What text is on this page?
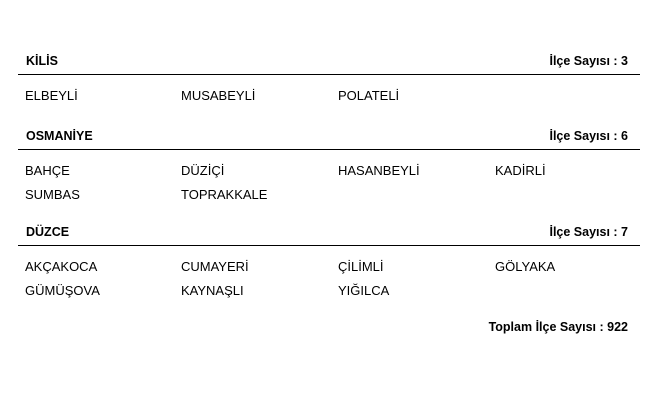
KİLİS	İlçe Sayısı : 3
ELBEYLİ	MUSABEYLİ	POLATELİ
OSMANİYE	İlçe Sayısı : 6
BAHÇE	DÜZİÇİ	HASANBEYLİ	KADİRLİ
SUMBAS	TOPRAKKALE
DÜZCE	İlçe Sayısı : 7
AKÇAKOCA	CUMAYERİ	ÇİLİMLİ	GÖLYAKA
GÜMÜŞOVA	KAYNAŞLI	YIĞILCA
Toplam İlçe Sayısı : 922
